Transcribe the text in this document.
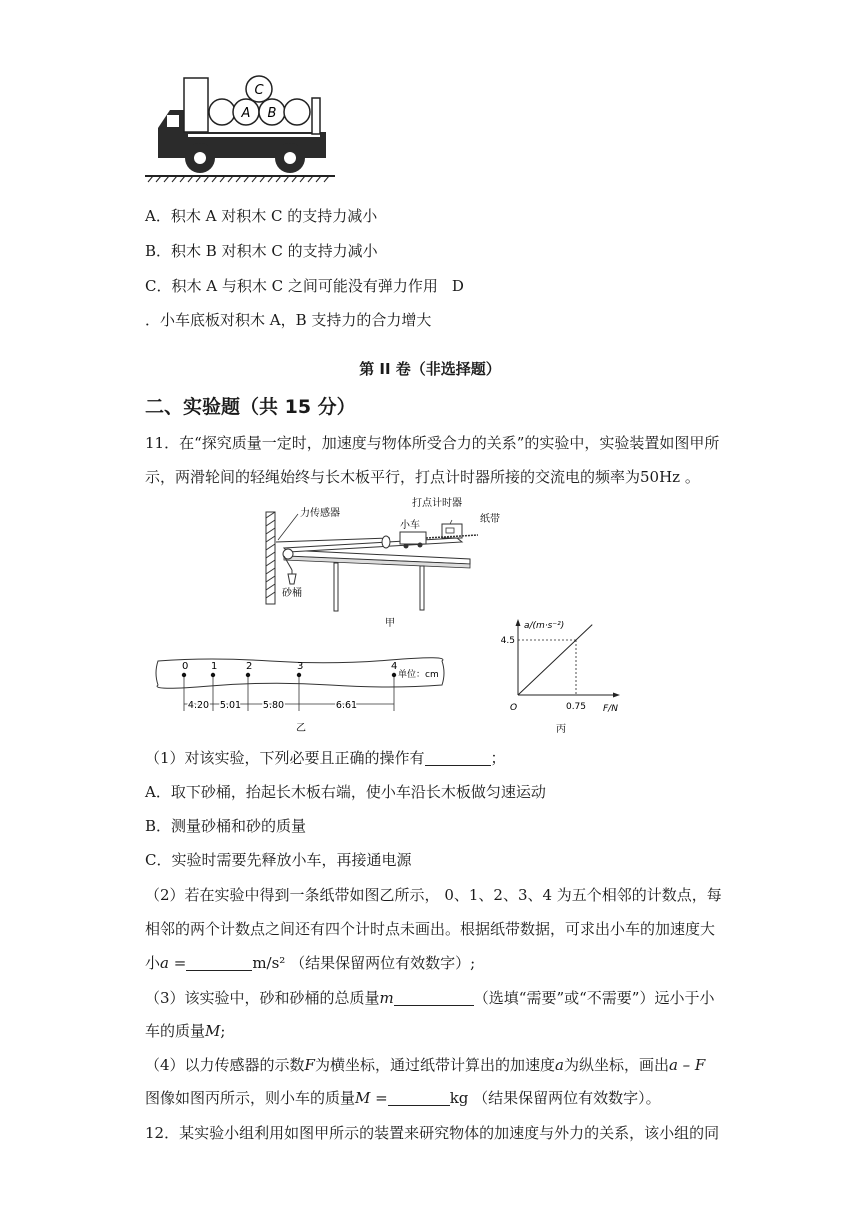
A B
C
A．积木 A 对积木 C 的支持力减小
B．积木 B 对积木 C 的支持力减小
C．积木 A 与积木 C 之间可能没有弹力作用 D
．小车底板对积木 A，B 支持力的合力增大
第 II 卷（非选择题）
二、实验题（共 15 分）
11．在“探究质量一定时，加速度与物体所受合力的关系”的实验中，实验装置如图甲所
示，两滑轮间的轻绳始终与长木板平行，打点计时器所接的交流电的频率为50Hz 。
力传感器
小车
打点计时器
纸带
砂桶
甲
0 1	2	3	4
单位：cm
4.20 5.01 5.80	6.61
乙
a/(m·s⁻²)
F/N
O
4.5
0.75
丙
（1）对该实验，下列必要且正确的操作有	；
A．取下砂桶，抬起长木板右端，使小车沿长木板做匀速运动
B．测量砂桶和砂的质量
C．实验时需要先释放小车，再接通电源
（2）若在实验中得到一条纸带如图乙所示， 0、1、2、3、4 为五个相邻的计数点，每
相邻的两个计数点之间还有四个计时点未画出。根据纸带数据，可求出小车的加速度大
小a =	m/s² （结果保留两位有效数字）;
（3）该实验中，砂和砂桶的总质量m	（选填“需要”或“不需要”）远小于小
车的质量M;
（4）以力传感器的示数F为横坐标，通过纸带计算出的加速度a为纵坐标，画出a – F
图像如图丙所示，则小车的质量M =	kg （结果保留两位有效数字）。
12．某实验小组利用如图甲所示的装置来研究物体的加速度与外力的关系，该小组的同
